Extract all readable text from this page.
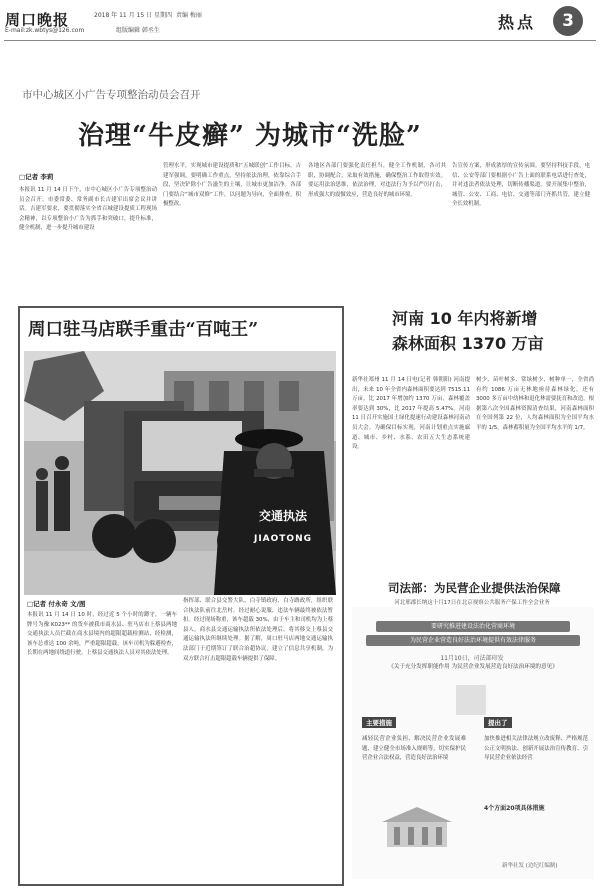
周口晚报	2018 年 11 月 15 日 星期四 责编 梅丽
E-mail:zk.wbtys@126.com	组版编辑 韩丞生	热点	3
市中心城区小广告专项整治动员会召开
治理“牛皮癣” 为城市“洗脸”
□记者 李莉
本报讯 11 月 14 日下午，市中心城区小广告专项整治动员会召开。市委常委、常务副市长吉建军出席会议并讲话。吉建军要求，要贯彻落实全省百城建设提质工程现场会精神，以专项整治小广告为抓手和突破口，提升标准，健全机制，进一步提升城市建设
管理水平，实现城市建设提质和“五城联创”工作目标。吉建军强调，要明确工作重点，坚持依法治理，依靠综合手段，坚决铲除小广告滋生的土壤，让城市更加洁净。各部门要结合“城市双修”工作，以问题为导向，全面排查，积极整改。
各地区各部门要强化责任担当，健全工作机制，各司其职，协调配合，采取有效措施，确保整治工作取得实效。要运用法治思维，依法治理，对违法行为予以严厉打击，形成强大的震慑效应，营造良好的城市环境。
告宣传方案，形成浓厚的宣传氛围。要坚持科技手段，电信、公安等部门要根据小广告上面的联系电话进行查处，并对违法者依法处理，切断传播渠道。要开展集中整治，城管、公安、工商、电信、交通等部门齐抓共管，建立健全长效机制。
周口驻马店联手重击“百吨王”
交通执法
JIAOTONG
□记者 付永奇 文/图
本报讯 11 月 14 日 10 时，经过近 5 个小时的蹲守，一辆车牌号为豫 K023** 的货车被我市商水县、驻马店市上蔡县两地交通执法人员拦截在商水县境内的超限超载检测站，经检测，该车总重达 100 余吨，严重超限超载。该车司机为躲避检查，长期在两地间绕道行驶。上蔡县交通执法人员对其依法处理。
指挥部、联合县交警大队、白寺镇政府、白寺路政所，组织联合执法队前往北岳村，经过耐心说服，违法车辆最终被依法暂扣。经过现场称重，该车超载 30%，由于车主和司机均为上蔡县人，商水县交通运输执法所依法处理后，将其移交上蔡县交通运输执法所继续处理。据了解，周口驻马店两地交通运输执法部门于近期签订了联合治超协议，建立了信息共享机制，为双方联合打击超限超载车辆提供了保障。
河南 10 年内将新增
森林面积 1370 万亩
新华社郑州 11 月 14 日电(记者 韩朝阳) 河南提出，未来 10 年全省内森林面积要达到 7515.11 万亩，比 2017 年增加约 1370 万亩，森林覆盖率要达到 30%，比 2017 年提高 5.47%。河南 11 日召开实施国土绿化提速行动建设森林河南动员大会。为确保目标实现，河南计划重点实施廊道、城市、乡村、水系、农田五大生态系统建设。
树少、苗叶树多、常绿树少、树种单一，全省尚有约 1086 万亩无林地亟待森林绿化，还有 3000 多万亩中幼林和退化林需要抚育和改造。根据第八次全国森林资源清查结果，河南森林面积在全国列第 22 位，人均森林面积为全国平均水平的 1/5，森林蓄积量为全国平均水平的 1/7。
司法部：为民营企业提供法治保障
河北邢郡长纳这十月17日在北京视察公共服务产保工作全会业务
要研究推进建设法治化营商环境
为民营企业营造良好法治环境提供有效法律服务
11月10日，司法部印发
《关于充分发挥职能作用 为民营企业发展营造良好法治环境的意见》
主要措施	提出了
减轻民营企业负担、解决民营企业发展难题、建立健全市场准入规则等，切实保护民营企业合法权益，营造良好法治环境
加快推进相关法律法规立改废释、严格规范公正文明执法、创新开展法治宣传教育、引导民营企业依法经营
4个方面20项具体措施
新华社发 (边纪红编制)
